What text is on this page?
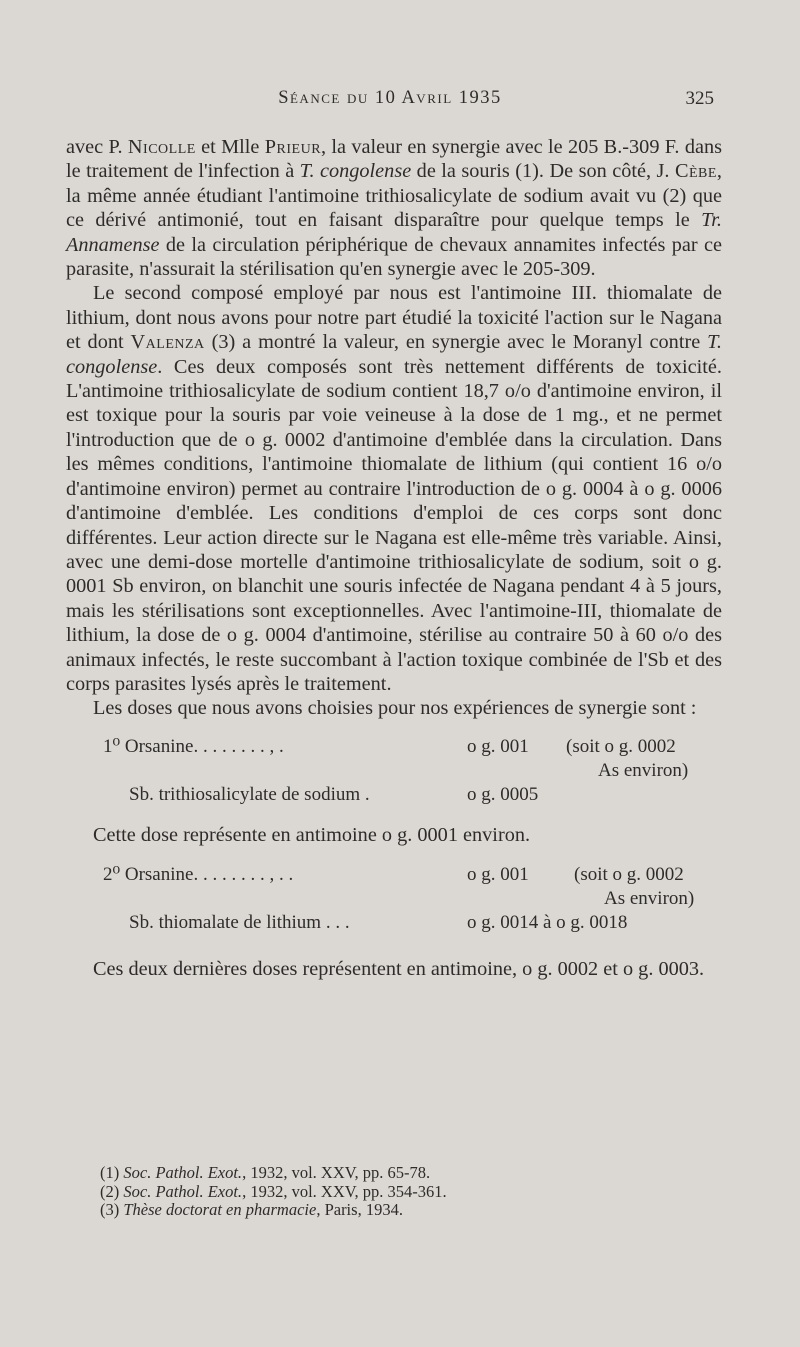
Séance du 10 Avril 1935	325

avec P. Nicolle et Mlle Prieur, la valeur en synergie avec le 205 B.-309 F. dans le traitement de l'infection à T. congolense de la souris (1). De son côté, J. Cèbe, la même année étudiant l'antimoine trithiosalicylate de sodium avait vu (2) que ce dérivé antimonié, tout en faisant disparaître pour quelque temps le Tr. Annamense de la circulation périphérique de chevaux annamites infectés par ce parasite, n'assurait la stérilisation qu'en synergie avec le 205-309.

Le second composé employé par nous est l'antimoine III. thiomalate de lithium, dont nous avons pour notre part étudié la toxicité l'action sur le Nagana et dont Valenza (3) a montré la valeur, en synergie avec le Moranyl contre T. congolense. Ces deux composés sont très nettement différents de toxicité. L'antimoine trithiosalicylate de sodium contient 18,7 o/o d'antimoine environ, il est toxique pour la souris par voie veineuse à la dose de 1 mg., et ne permet l'introduction que de o g. 0002 d'antimoine d'emblée dans la circulation. Dans les mêmes conditions, l'antimoine thiomalate de lithium (qui contient 16 o/o d'antimoine environ) permet au contraire l'introduction de o g. 0004 à o g. 0006 d'antimoine d'emblée. Les conditions d'emploi de ces corps sont donc différentes. Leur action directe sur le Nagana est elle-même très variable. Ainsi, avec une demi-dose mortelle d'antimoine trithiosalicylate de sodium, soit o g. 0001 Sb environ, on blanchit une souris infectée de Nagana pendant 4 à 5 jours, mais les stérilisations sont exceptionnelles. Avec l'antimoine-III, thiomalate de lithium, la dose de o g. 0004 d'antimoine, stérilise au contraire 50 à 60 o/o des animaux infectés, le reste succombant à l'action toxique combinée de l'Sb et des corps parasites lysés après le traitement.

Les doses que nous avons choisies pour nos expériences de synergie sont :

1⁰ Orsanine. . . . . . . . , .	o g. 001 (soit o g. 0002
As environ)
Sb. trithiosalicylate de sodium .	o g. 0005

Cette dose représente en antimoine o g. 0001 environ.

2⁰ Orsanine. . . . . . . . , . .	o g. 001 (soit o g. 0002
As environ)
Sb. thiomalate de lithium . . .	o g. 0014 à o g. 0018

Ces deux dernières doses représentent en antimoine, o g. 0002 et o g. 0003.

(1) Soc. Pathol. Exot., 1932, vol. XXV, pp. 65-78.
(2) Soc. Pathol. Exot., 1932, vol. XXV, pp. 354-361.
(3) Thèse doctorat en pharmacie, Paris, 1934.
